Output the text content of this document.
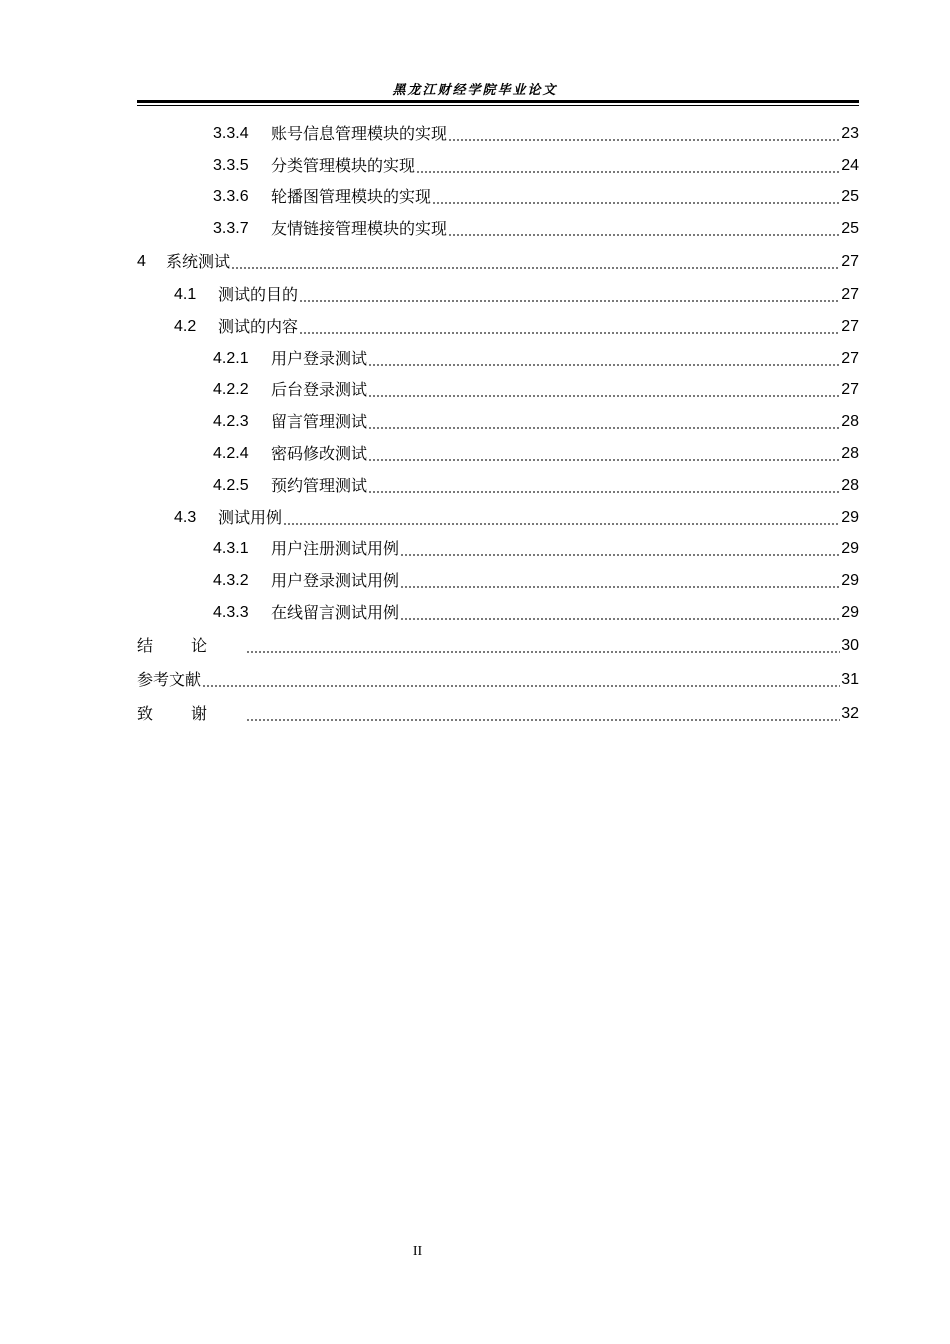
黑龙江财经学院毕业论文
3.3.4	账号信息管理模块的实现	23
3.3.5	分类管理模块的实现	24
3.3.6	轮播图管理模块的实现	25
3.3.7	友情链接管理模块的实现	25
4	系统测试	27
4.1	测试的目的	27
4.2	测试的内容	27
4.2.1	用户登录测试	27
4.2.2	后台登录测试	27
4.2.3	留言管理测试	28
4.2.4	密码修改测试	28
4.2.5	预约管理测试	28
4.3	测试用例	29
4.3.1	用户注册测试用例	29
4.3.2	用户登录测试用例	29
4.3.3	在线留言测试用例	29
结论	30
参考文献	31
致谢	32
II
